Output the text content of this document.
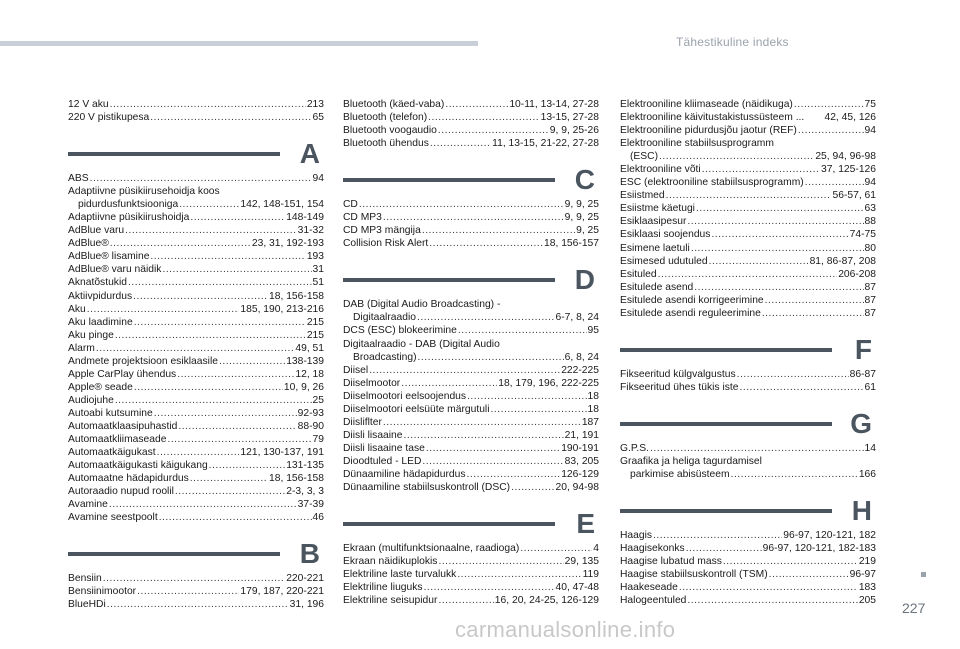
Tähestikuline indeks
12 V aku .....	213
220 V pistikupesa .....	65
A
ABS .....	94
Adaptiivne püsikiirusehoidja koos
pidurdusfunktsiooniga .....	142, 148-151, 154
Adaptiivne püsikiirushoidja .....	148-149
AdBlue varu .....	31-32
AdBlue® .....	23, 31, 192-193
AdBlue® lisamine .....	193
AdBlue® varu näidik .....	31
Aknatõstukid .....	51
Aktiivpidurdus .....	18, 156-158
Aku .....	185, 190, 213-216
Aku laadimine .....	215
Aku pinge .....	215
Alarm .....	49, 51
Andmete projektsioon esiklaasile .....	138-139
Apple CarPlay ühendus .....	12, 18
Apple® seade .....	10, 9, 26
Audiojuhe .....	25
Autoabi kutsumine .....	92-93
Automaatklaasipuhastid .....	88-90
Automaatkliimaseade .....	79
Automaatkäigukast .....	121, 130-137, 191
Automaatkäigukasti käigukang .....	131-135
Automaatne hädapidurdus .....	18, 156-158
Autoraadio nupud roolil .....	2-3, 3, 3
Avamine .....	37-39
Avamine seestpoolt .....	46
B
Bensiin .....	220-221
Bensiinimootor .....	179, 187, 220-221
BlueHDi .....	31, 196
Bluetooth (käed-vaba) .....	10-11, 13-14, 27-28
Bluetooth (telefon) .....	13-15, 27-28
Bluetooth voogaudio .....	9, 9, 25-26
Bluetooth ühendus .....	11, 13-15, 21-22, 27-28
C
CD .....	9, 9, 25
CD MP3 .....	9, 9, 25
CD MP3 mängija .....	9, 25
Collision Risk Alert .....	18, 156-157
D
DAB (Digital Audio Broadcasting) -
Digitaalraadio .....	6-7, 8, 24
DCS (ESC) blokeerimine .....	95
Digitaalraadio - DAB (Digital Audio
Broadcasting) .....	6, 8, 24
Diisel .....	222-225
Diiselmootor .....	18, 179, 196, 222-225
Diiselmootori eelsoojendus .....	18
Diiselmootori eelsüüte märgutuli .....	18
Diisliflter .....	187
Diisli lisaaine .....	21, 191
Diisli lisaaine tase .....	190-191
Dioodtuled - LED .....	83, 205
Dünaamiline hädapidurdus .....	126-129
Dünaamiline stabiilsuskontroll (DSC) .....	20, 94-98
E
Ekraan (multifunktsionaalne, raadioga) .....	4
Ekraan näidikuplokis .....	29, 135
Elektriline laste turvalukk .....	119
Elektriline liuguks .....	40, 47-48
Elektriline seisupidur .....	16, 20, 24-25, 126-129
Elektrooniline kliimaseade (näidikuga) .....	75
Elektrooniline käivitustakistussüsteem ... 42, 45, 126
Elektrooniline pidurdusjõu jaotur (REF) .....	94
Elektrooniline stabiilsusprogramm
(ESC) .....	25, 94, 96-98
Elektrooniline võti .....	37, 125-126
ESC (elektrooniline stabiilsusprogramm) .....	94
Esiistmed .....	56-57, 61
Esiistme käetugi .....	63
Esiklaasipesur .....	88
Esiklaasi soojendus .....	74-75
Esimene laetuli .....	80
Esimesed udutuled .....	81, 86-87, 208
Esituled .....	206-208
Esitulede asend .....	87
Esitulede asendi korrigeerimine .....	87
Esitulede asendi reguleerimine .....	87
F
Fikseeritud külgvalgustus .....	86-87
Fikseeritud ühes tükis iste .....	61
G
G.P.S. .....	14
Graafika ja heliga tagurdamisel
parkimise abisüsteem .....	166
H
Haagis .....	96-97, 120-121, 182
Haagisekonks .....	96-97, 120-121, 182-183
Haagise lubatud mass .....	219
Haagise stabiilsuskontroll (TSM) .....	96-97
Haakeseade .....	183
Halogeentuled .....	205 227
carmanualsonline.info
